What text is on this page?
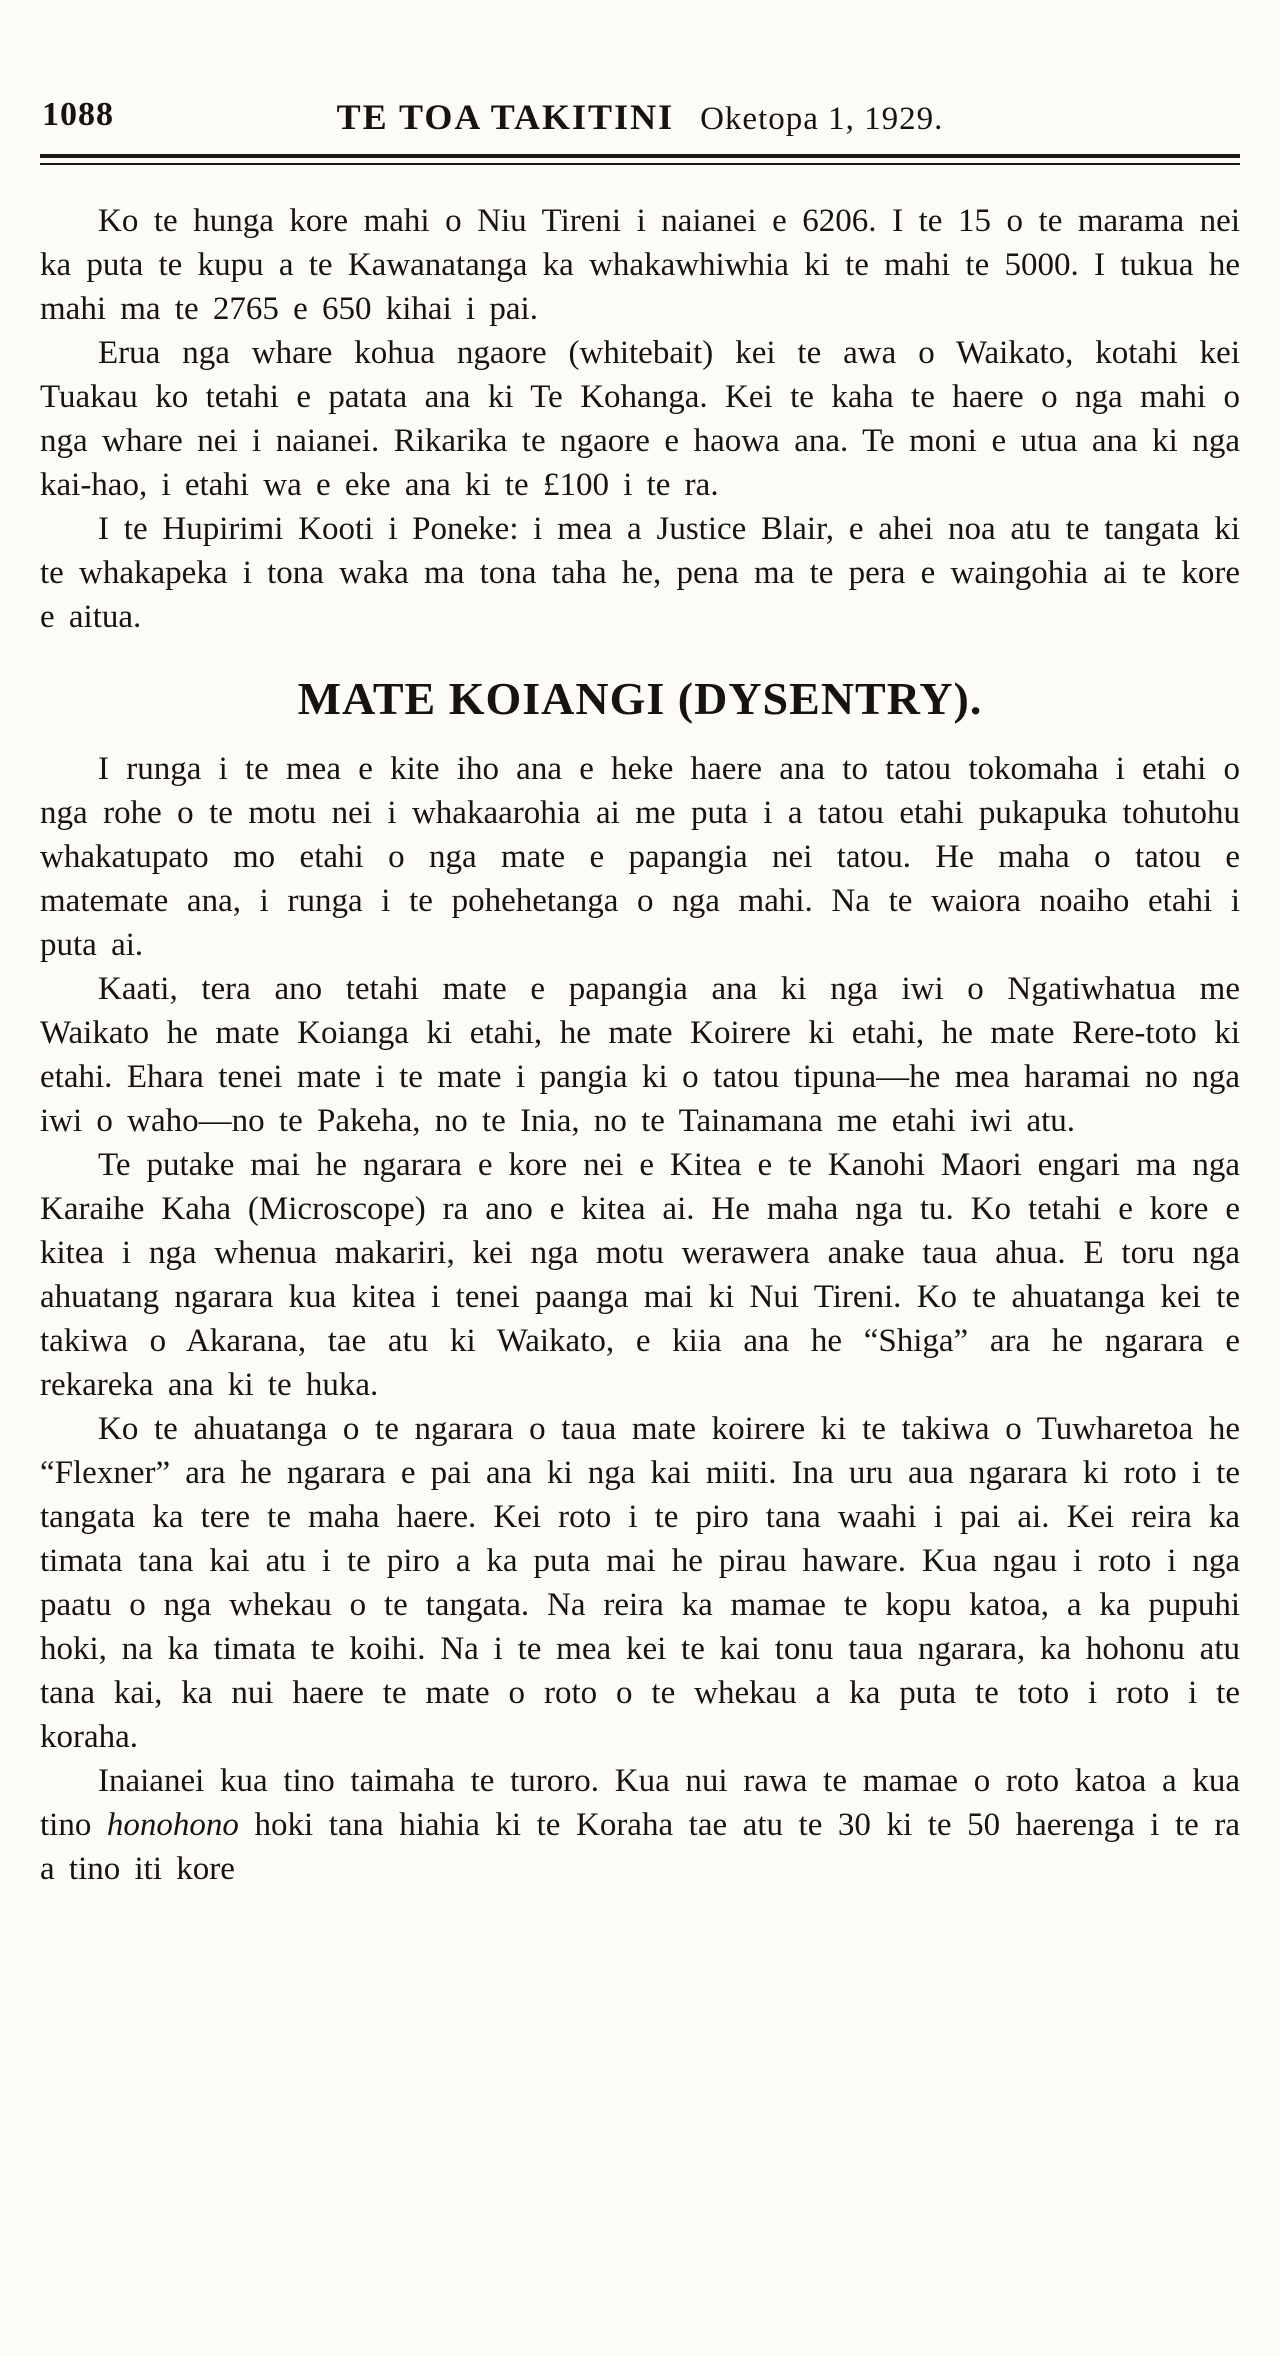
1088	TE TOA TAKITINI Oketopa 1, 1929.

Ko te hunga kore mahi o Niu Tireni i naianei e 6206. I te 15 o te marama nei ka puta te kupu a te Kawanatanga ka whakawhiwhia ki te mahi te 5000. I tukua he mahi ma te 2765 e 650 kihai i pai.

Erua nga whare kohua ngaore (whitebait) kei te awa o Waikato, kotahi kei Tuakau ko tetahi e patata ana ki Te Kohanga. Kei te kaha te haere o nga mahi o nga whare nei i naianei. Rikarika te ngaore e haowa ana. Te moni e utua ana ki nga kai-hao, i etahi wa e eke ana ki te £100 i te ra.

I te Hupirimi Kooti i Poneke: i mea a Justice Blair, e ahei noa atu te tangata ki te whakapeka i tona waka ma tona taha he, pena ma te pera e waingohia ai te kore e aitua.

MATE KOIANGI (DYSENTRY).

I runga i te mea e kite iho ana e heke haere ana to tatou tokomaha i etahi o nga rohe o te motu nei i whakaarohia ai me puta i a tatou etahi pukapuka tohutohu whakatupato mo etahi o nga mate e papangia nei tatou. He maha o tatou e matemate ana, i runga i te pohehetanga o nga mahi. Na te waiora noaiho etahi i puta ai.

Kaati, tera ano tetahi mate e papangia ana ki nga iwi o Ngatiwhatua me Waikato he mate Koianga ki etahi, he mate Koirere ki etahi, he mate Rere-toto ki etahi. Ehara tenei mate i te mate i pangia ki o tatou tipuna—he mea haramai no nga iwi o waho—no te Pakeha, no te Inia, no te Tainamana me etahi iwi atu.

Te putake mai he ngarara e kore nei e Kitea e te Kanohi Maori engari ma nga Karaihe Kaha (Microscope) ra ano e kitea ai. He maha nga tu. Ko tetahi e kore e kitea i nga whenua makariri, kei nga motu werawera anake taua ahua. E toru nga ahuatang ngarara kua kitea i tenei paanga mai ki Nui Tireni. Ko te ahuatanga kei te takiwa o Akarana, tae atu ki Waikato, e kiia ana he “Shiga” ara he ngarara e rekareka ana ki te huka.

Ko te ahuatanga o te ngarara o taua mate koirere ki te takiwa o Tuwharetoa he “Flexner” ara he ngarara e pai ana ki nga kai miiti. Ina uru aua ngarara ki roto i te tangata ka tere te maha haere. Kei roto i te piro tana waahi i pai ai. Kei reira ka timata tana kai atu i te piro a ka puta mai he pirau haware. Kua ngau i roto i nga paatu o nga whekau o te tangata. Na reira ka mamae te kopu katoa, a ka pupuhi hoki, na ka timata te koihi. Na i te mea kei te kai tonu taua ngarara, ka hohonu atu tana kai, ka nui haere te mate o roto o te whekau a ka puta te toto i roto i te koraha.

Inaianei kua tino taimaha te turoro. Kua nui rawa te mamae o roto katoa a kua tino honohono hoki tana hiahia ki te Koraha tae atu te 30 ki te 50 haerenga i te ra a tino iti kore
